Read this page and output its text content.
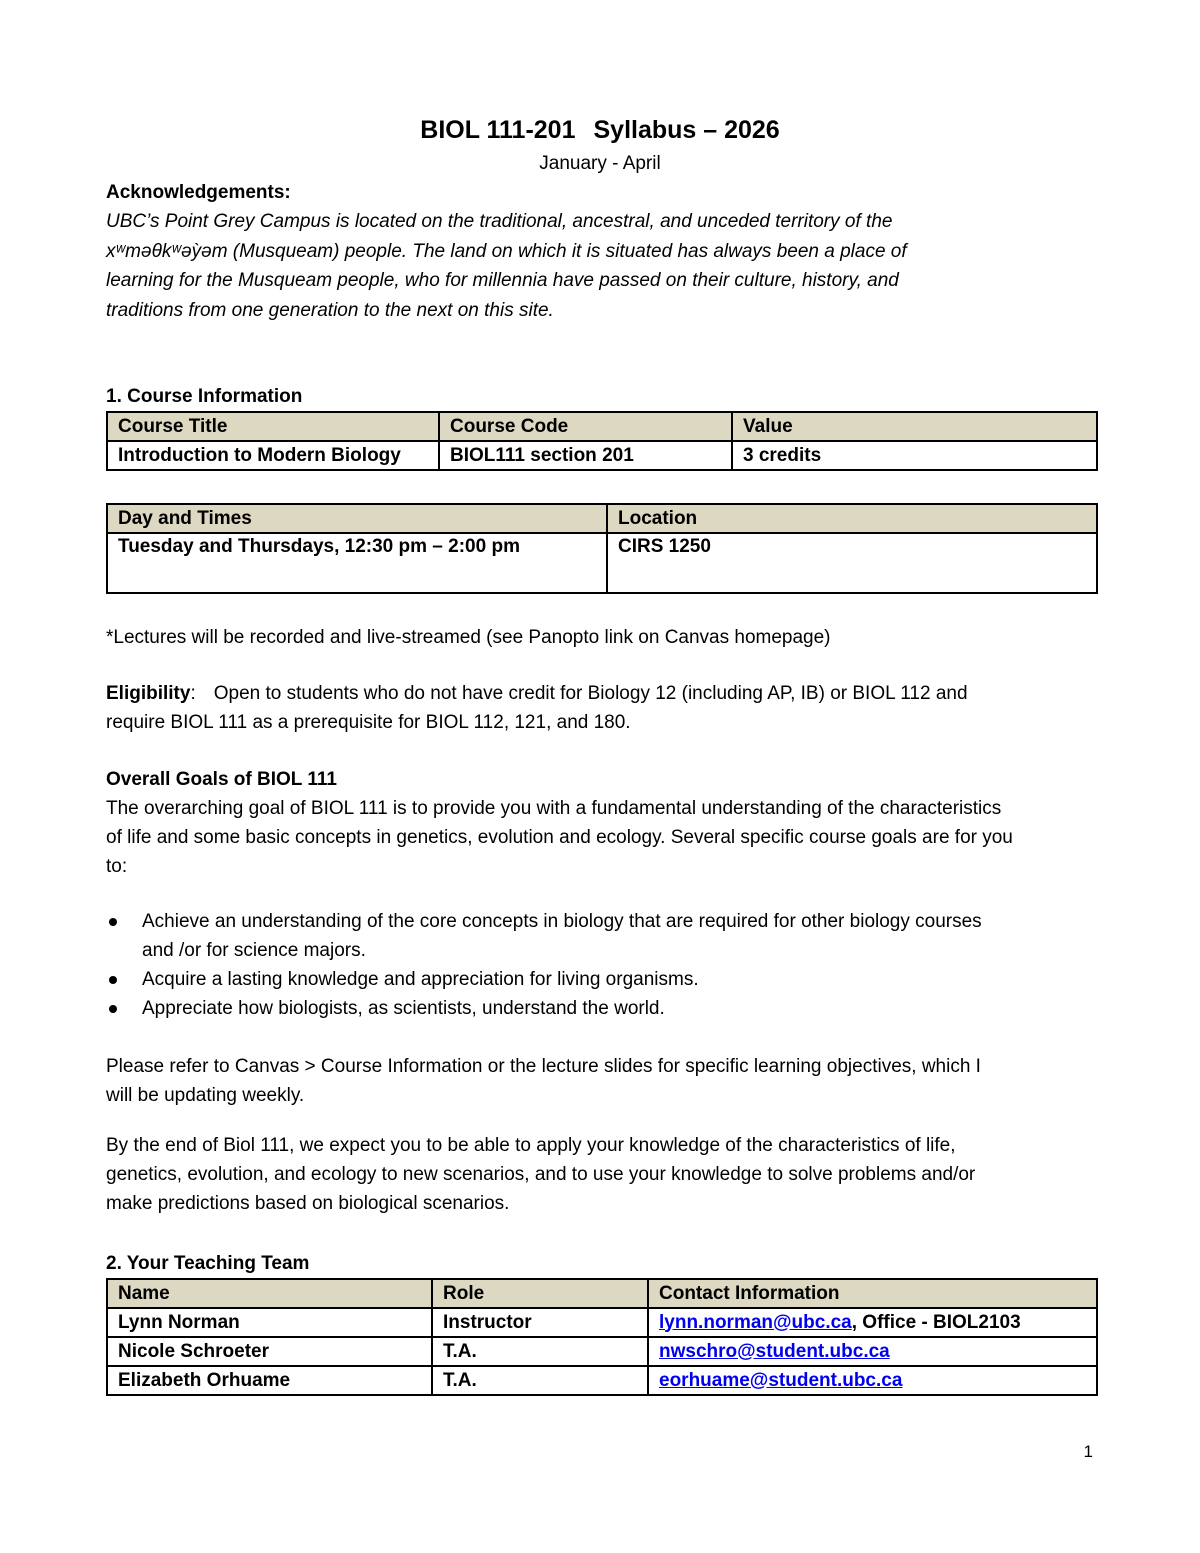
BIOL 111-201 Syllabus – 2026
January - April
Acknowledgements:
UBC’s Point Grey Campus is located on the traditional, ancestral, and unceded territory of the
xʷməθkʷəỳəm (Musqueam) people. The land on which it is situated has always been a place of
learning for the Musqueam people, who for millennia have passed on their culture, history, and
traditions from one generation to the next on this site.
1. Course Information
Course Title	Course Code	Value
Introduction to Modern Biology	BIOL111 section 201	3 credits
Day and Times	Location
Tuesday and Thursdays, 12:30 pm – 2:00 pm	CIRS 1250
*Lectures will be recorded and live-streamed (see Panopto link on Canvas homepage)
Eligibility: Open to students who do not have credit for Biology 12 (including AP, IB) or BIOL 112 and
require BIOL 111 as a prerequisite for BIOL 112, 121, and 180.
Overall Goals of BIOL 111
The overarching goal of BIOL 111 is to provide you with a fundamental understanding of the characteristics
of life and some basic concepts in genetics, evolution and ecology. Several specific course goals are for you
to:
Achieve an understanding of the core concepts in biology that are required for other biology courses
and /or for science majors.
Acquire a lasting knowledge and appreciation for living organisms.
Appreciate how biologists, as scientists, understand the world.
Please refer to Canvas > Course Information or the lecture slides for specific learning objectives, which I
will be updating weekly.
By the end of Biol 111, we expect you to be able to apply your knowledge of the characteristics of life,
genetics, evolution, and ecology to new scenarios, and to use your knowledge to solve problems and/or
make predictions based on biological scenarios.
2. Your Teaching Team
Name	Role	Contact Information
Lynn Norman	Instructor	lynn.norman@ubc.ca, Office - BIOL2103
Nicole Schroeter	T.A.	nwschro@student.ubc.ca
Elizabeth Orhuame	T.A.	eorhuame@student.ubc.ca
1
